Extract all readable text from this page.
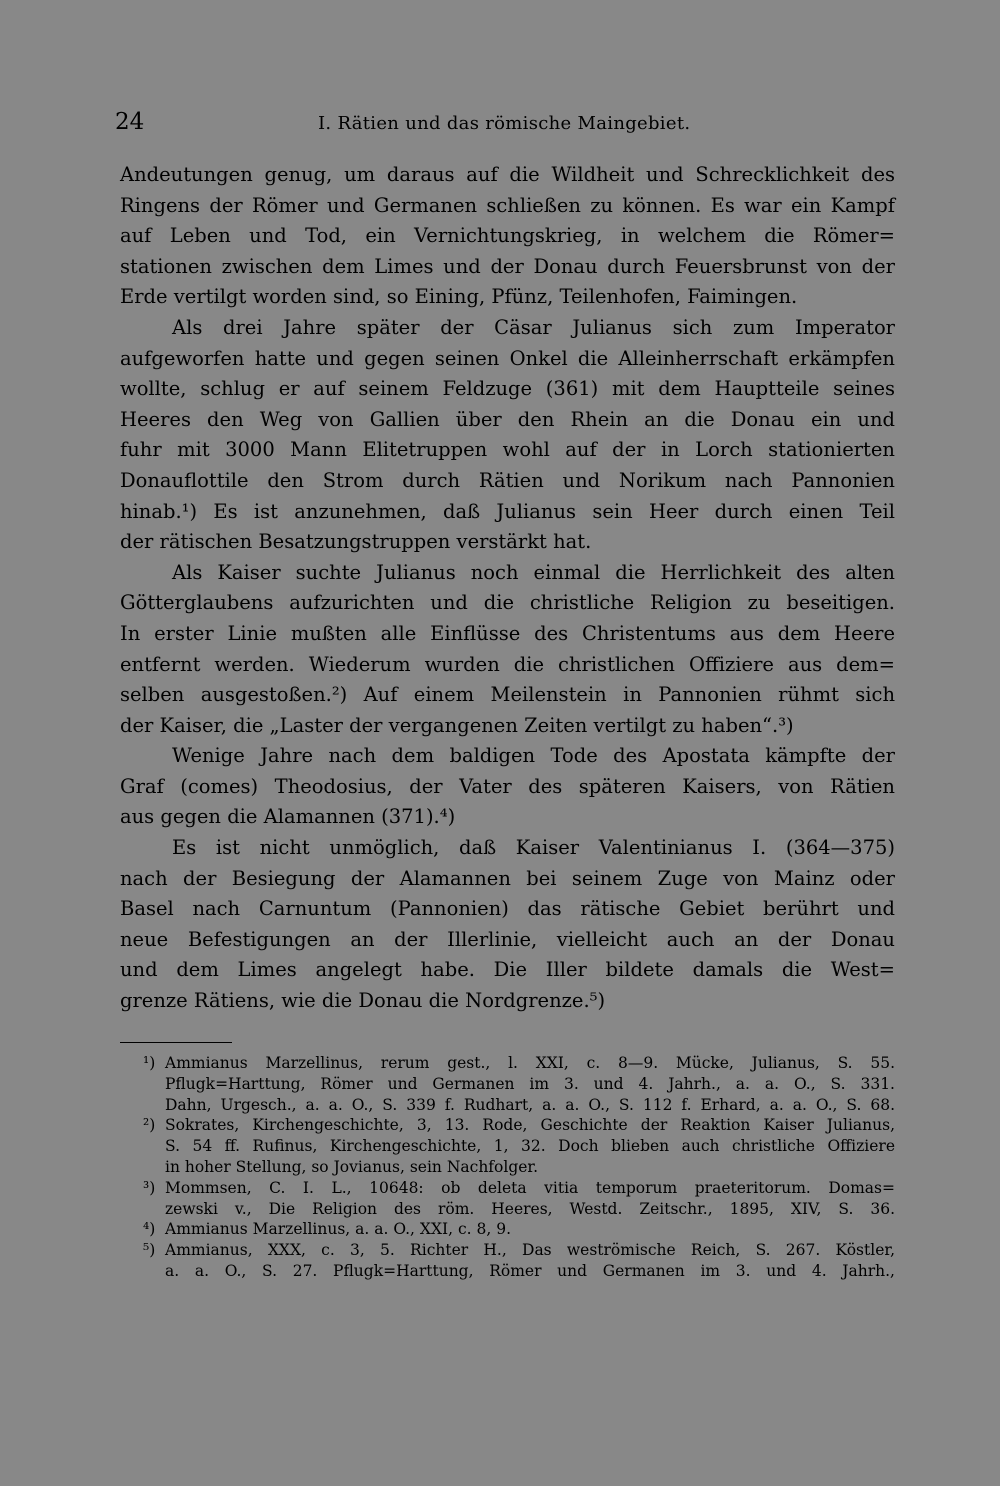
24	I. Rätien und das römische Maingebiet.
Andeutungen genug, um daraus auf die Wildheit und Schrecklichkeit des
Ringens der Römer und Germanen schließen zu können. Es war ein Kampf
auf Leben und Tod, ein Vernichtungskrieg, in welchem die Römer=
stationen zwischen dem Limes und der Donau durch Feuersbrunst von der
Erde vertilgt worden sind, so Eining, Pfünz, Teilenhofen, Faimingen.
Als drei Jahre später der Cäsar Julianus sich zum Imperator
aufgeworfen hatte und gegen seinen Onkel die Alleinherrschaft erkämpfen
wollte, schlug er auf seinem Feldzuge (361) mit dem Hauptteile seines
Heeres den Weg von Gallien über den Rhein an die Donau ein und
fuhr mit 3000 Mann Elitetruppen wohl auf der in Lorch stationierten
Donauflottile den Strom durch Rätien und Norikum nach Pannonien
hinab.¹) Es ist anzunehmen, daß Julianus sein Heer durch einen Teil
der rätischen Besatzungstruppen verstärkt hat.
Als Kaiser suchte Julianus noch einmal die Herrlichkeit des alten
Götterglaubens aufzurichten und die christliche Religion zu beseitigen.
In erster Linie mußten alle Einflüsse des Christentums aus dem Heere
entfernt werden. Wiederum wurden die christlichen Offiziere aus dem=
selben ausgestoßen.²) Auf einem Meilenstein in Pannonien rühmt sich
der Kaiser, die „Laster der vergangenen Zeiten vertilgt zu haben“.³)
Wenige Jahre nach dem baldigen Tode des Apostata kämpfte der
Graf (comes) Theodosius, der Vater des späteren Kaisers, von Rätien
aus gegen die Alamannen (371).⁴)
Es ist nicht unmöglich, daß Kaiser Valentinianus I. (364—375)
nach der Besiegung der Alamannen bei seinem Zuge von Mainz oder
Basel nach Carnuntum (Pannonien) das rätische Gebiet berührt und
neue Befestigungen an der Illerlinie, vielleicht auch an der Donau
und dem Limes angelegt habe. Die Iller bildete damals die West=
grenze Rätiens, wie die Donau die Nordgrenze.⁵)
¹) Ammianus Marzellinus, rerum gest., l. XXI, c. 8—9. Mücke, Julianus, S. 55.
Pflugk=Harttung, Römer und Germanen im 3. und 4. Jahrh., a. a. O., S. 331.
Dahn, Urgesch., a. a. O., S. 339 f. Rudhart, a. a. O., S. 112 f. Erhard, a. a. O., S. 68.
²) Sokrates, Kirchengeschichte, 3, 13. Rode, Geschichte der Reaktion Kaiser Julianus,
S. 54 ff. Rufinus, Kirchengeschichte, 1, 32. Doch blieben auch christliche Offiziere
in hoher Stellung, so Jovianus, sein Nachfolger.
³) Mommsen, C. I. L., 10648: ob deleta vitia temporum praeteritorum. Domas=
zewski v., Die Religion des röm. Heeres, Westd. Zeitschr., 1895, XIV, S. 36.
⁴) Ammianus Marzellinus, a. a. O., XXI, c. 8, 9.
⁵) Ammianus, XXX, c. 3, 5. Richter H., Das weströmische Reich, S. 267. Köstler,
a. a. O., S. 27. Pflugk=Harttung, Römer und Germanen im 3. und 4. Jahrh.,
